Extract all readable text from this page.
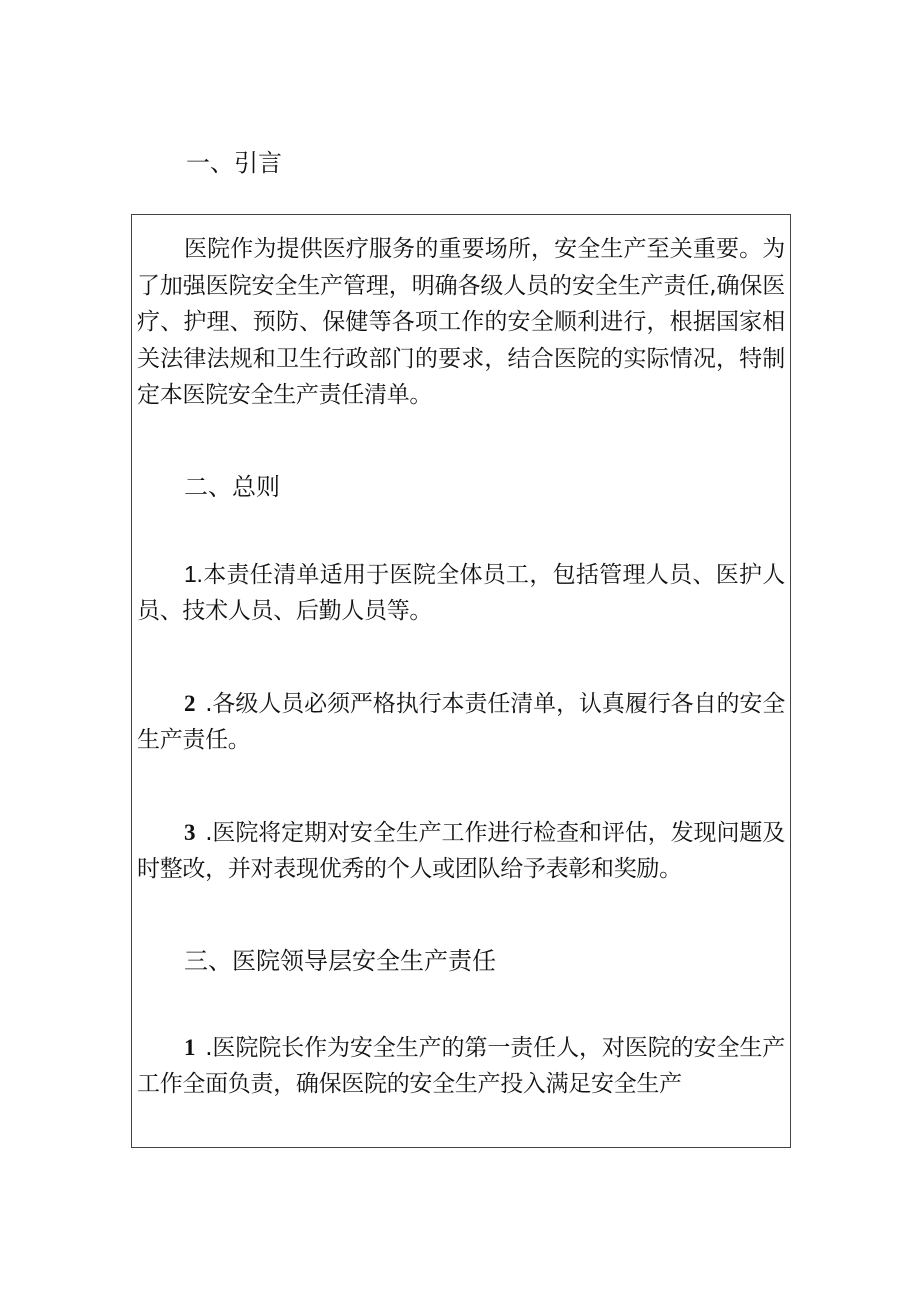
一、引言

医院作为提供医疗服务的重要场所，安全生产至关重要。为了加强医院安全生产管理，明确各级人员的安全生产责任,确保医疗、护理、预防、保健等各项工作的安全顺利进行，根据国家相关法律法规和卫生行政部门的要求，结合医院的实际情况，特制定本医院安全生产责任清单。

二、总则

1.本责任清单适用于医院全体员工，包括管理人员、医护人员、技术人员、后勤人员等。

2 .各级人员必须严格执行本责任清单，认真履行各自的安全生产责任。

3 .医院将定期对安全生产工作进行检查和评估，发现问题及时整改，并对表现优秀的个人或团队给予表彰和奖励。

三、医院领导层安全生产责任

1 .医院院长作为安全生产的第一责任人，对医院的安全生产工作全面负责，确保医院的安全生产投入满足安全生产
